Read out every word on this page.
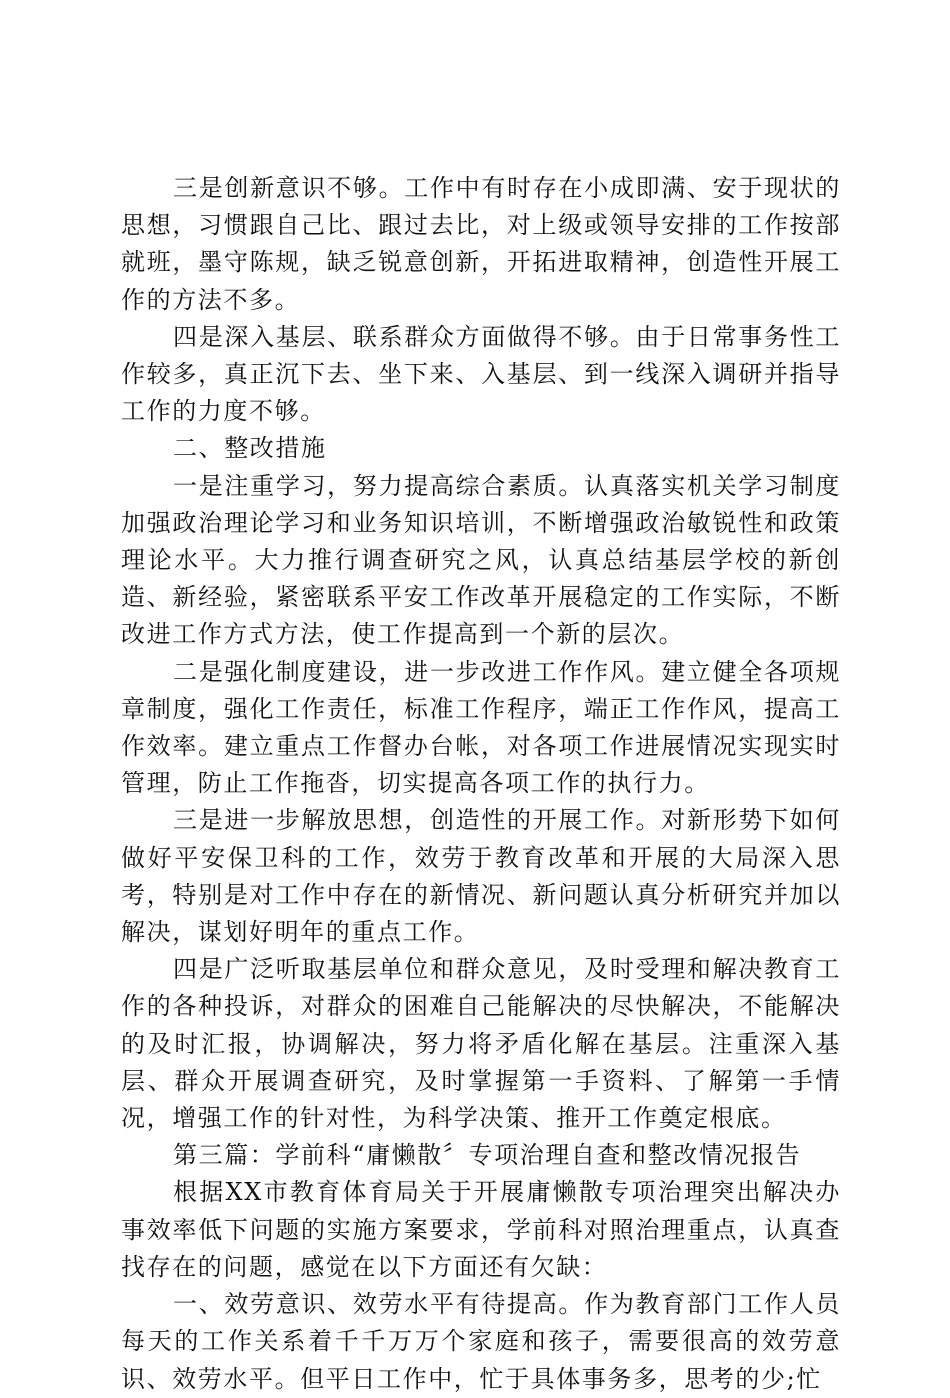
三是创新意识不够。工作中有时存在小成即满、安于现状的思想，习惯跟自己比、跟过去比，对上级或领导安排的工作按部就班，墨守陈规，缺乏锐意创新，开拓进取精神，创造性开展工作的方法不多。

四是深入基层、联系群众方面做得不够。由于日常事务性工作较多，真正沉下去、坐下来、入基层、到一线深入调研并指导工作的力度不够。

二、整改措施

一是注重学习，努力提高综合素质。认真落实机关学习制度加强政治理论学习和业务知识培训，不断增强政治敏锐性和政策理论水平。大力推行调查研究之风，认真总结基层学校的新创造、新经验，紧密联系平安工作改革开展稳定的工作实际，不断改进工作方式方法，使工作提高到一个新的层次。

二是强化制度建设，进一步改进工作作风。建立健全各项规章制度，强化工作责任，标准工作程序，端正工作作风，提高工作效率。建立重点工作督办台帐，对各项工作进展情况实现实时管理，防止工作拖沓，切实提高各项工作的执行力。

三是进一步解放思想，创造性的开展工作。对新形势下如何做好平安保卫科的工作，效劳于教育改革和开展的大局深入思考，特别是对工作中存在的新情况、新问题认真分析研究并加以解决，谋划好明年的重点工作。

四是广泛听取基层单位和群众意见，及时受理和解决教育工作的各种投诉，对群众的困难自己能解决的尽快解决，不能解决的及时汇报，协调解决，努力将矛盾化解在基层。注重深入基层、群众开展调查研究，及时掌握第一手资料、了解第一手情况，增强工作的针对性，为科学决策、推开工作奠定根底。

第三篇：学前科“庸懒散〞专项治理自查和整改情况报告

根据XX市教育体育局关于开展庸懒散专项治理突出解决办事效率低下问题的实施方案要求，学前科对照治理重点，认真查找存在的问题，感觉在以下方面还有欠缺：

一、效劳意识、效劳水平有待提高。作为教育部门工作人员每天的工作关系着千千万万个家庭和孩子，需要很高的效劳意识、效劳水平。但平日工作中，忙于具体事务多，思考的少;忙
